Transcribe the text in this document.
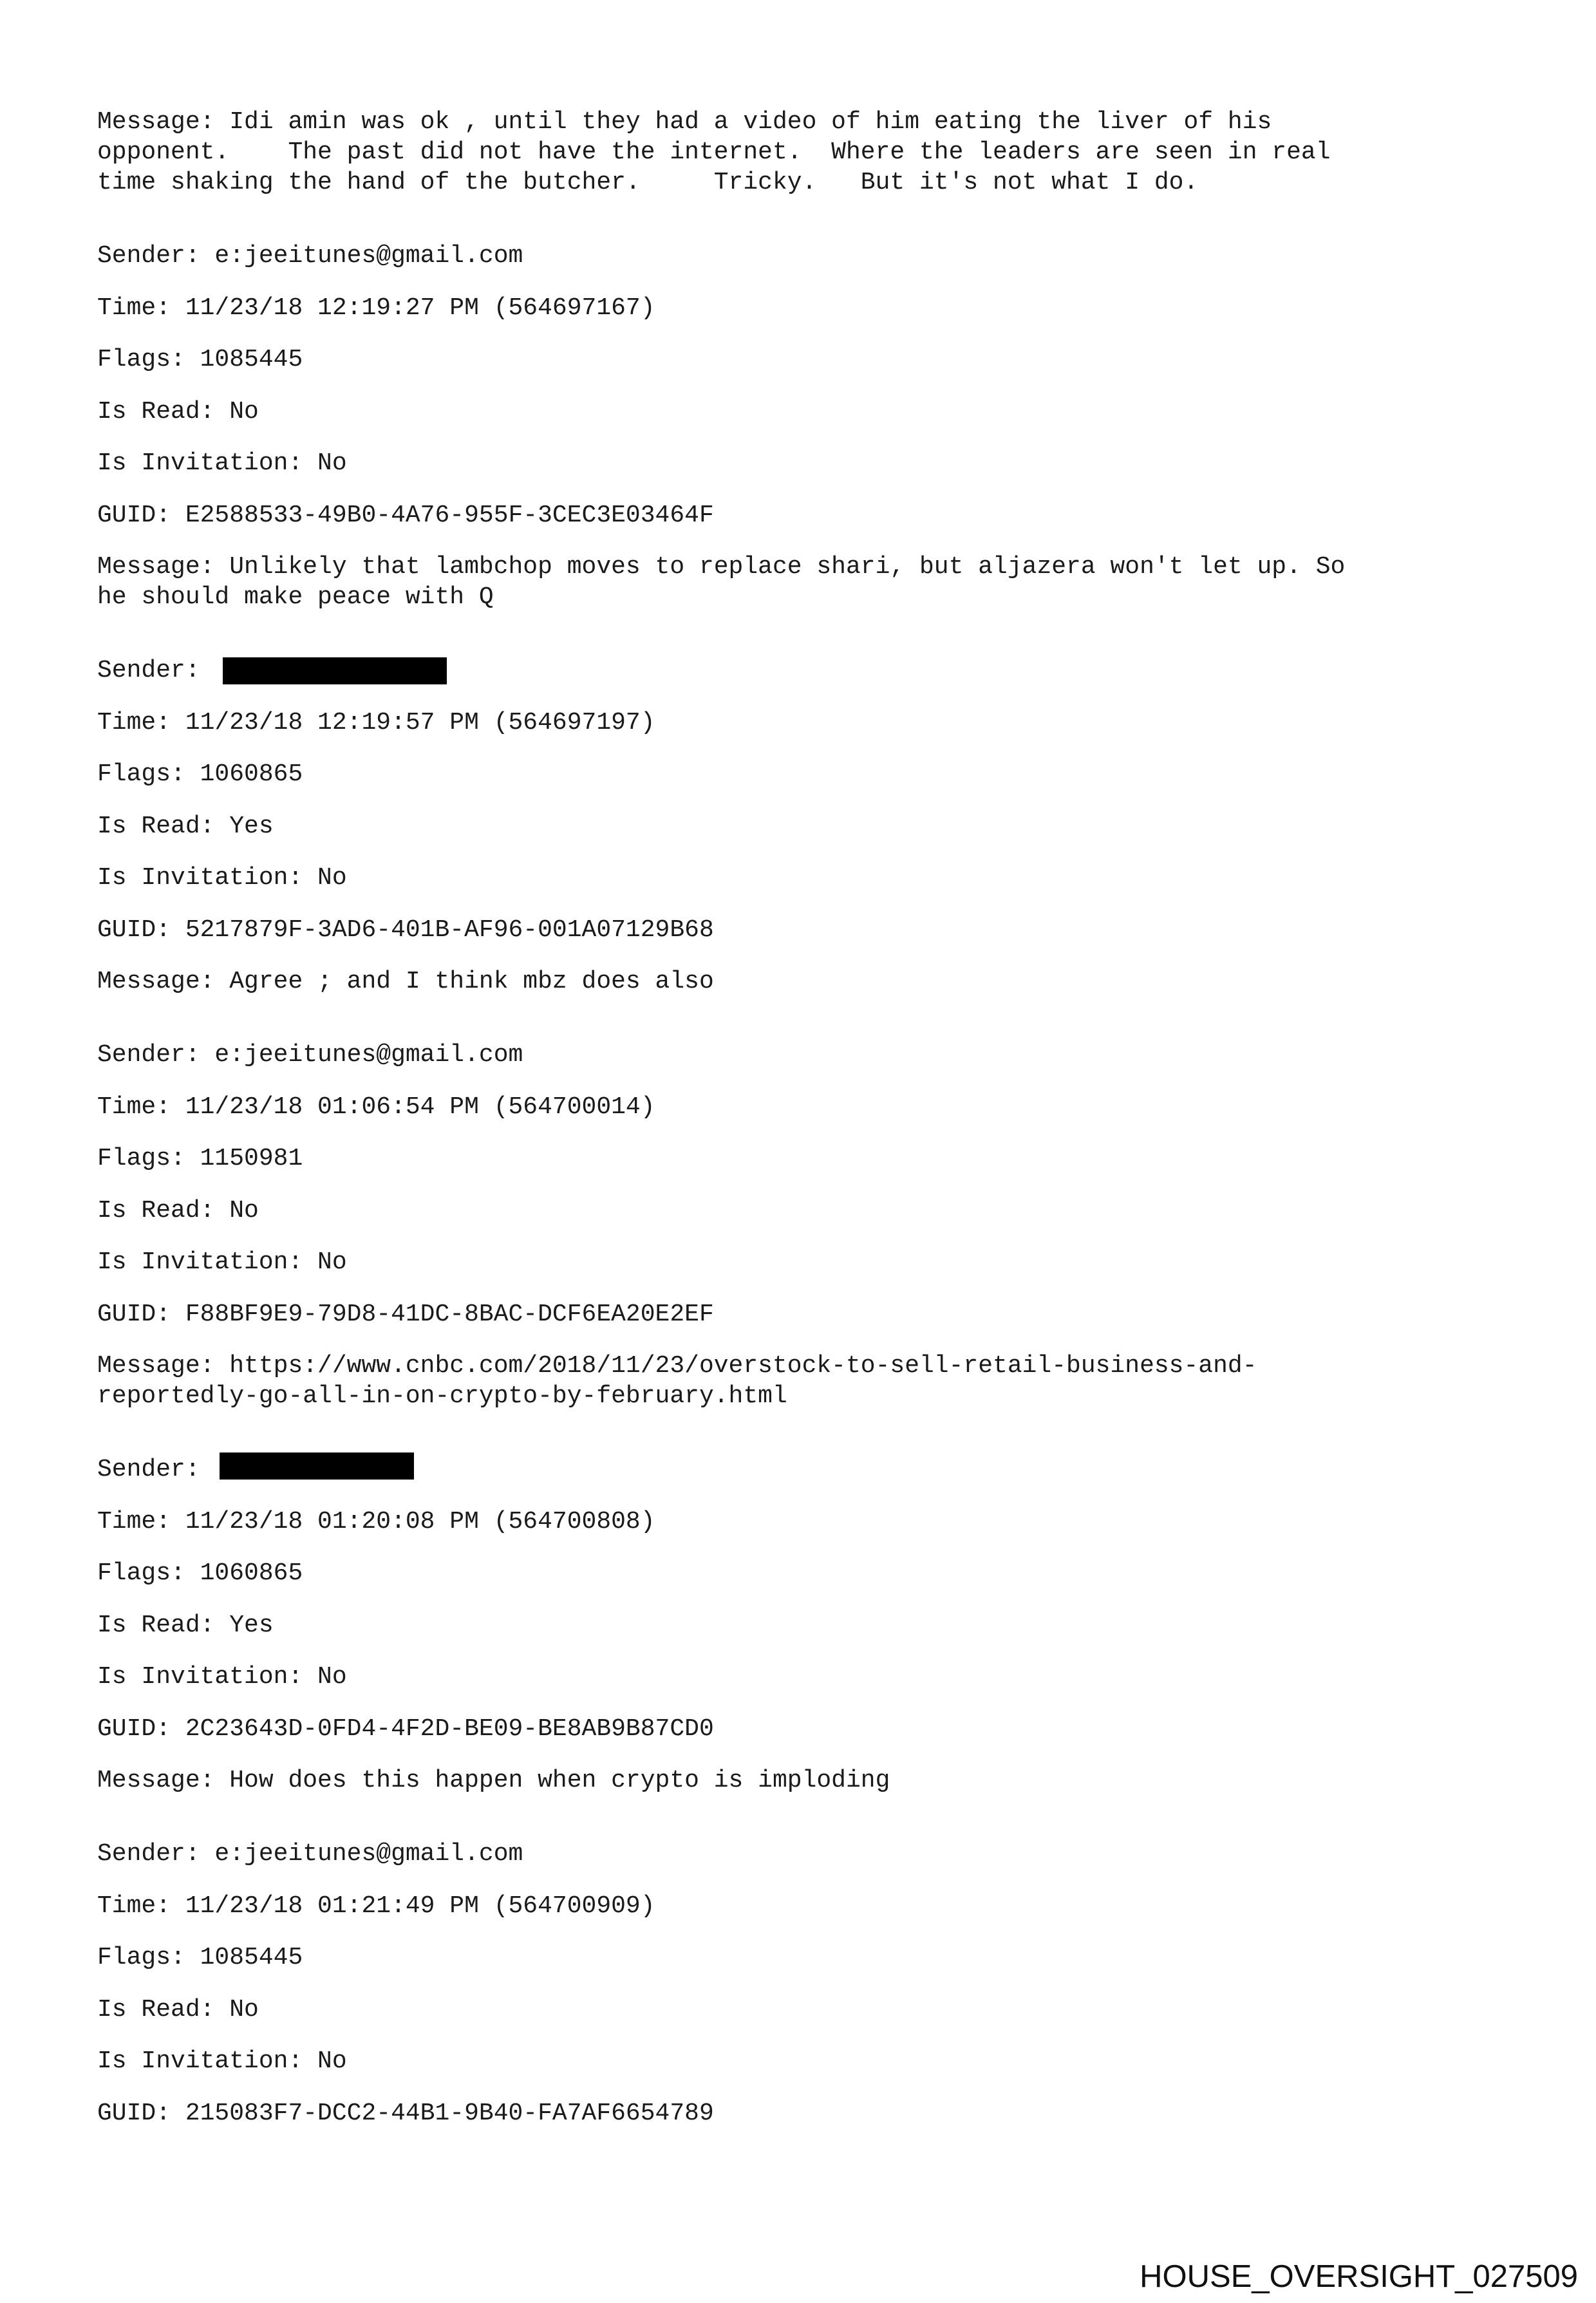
Message: Idi amin was ok , until they had a video of him eating the liver of his

opponent.    The past did not have the internet.  Where the leaders are seen in real

time shaking the hand of the butcher.     Tricky.   But it's not what I do.

Sender: e:jeeitunes@gmail.com

Time: 11/23/18 12:19:27 PM (564697167)

Flags: 1085445

Is Read: No

Is Invitation: No

GUID: E2588533-49B0-4A76-955F-3CEC3E03464F

Message: Unlikely that lambchop moves to replace shari, but aljazera won't let up. So

he should make peace with Q

Sender:

Time: 11/23/18 12:19:57 PM (564697197)

Flags: 1060865

Is Read: Yes

Is Invitation: No

GUID: 5217879F-3AD6-401B-AF96-001A07129B68

Message: Agree ; and I think mbz does also

Sender: e:jeeitunes@gmail.com

Time: 11/23/18 01:06:54 PM (564700014)

Flags: 1150981

Is Read: No

Is Invitation: No

GUID: F88BF9E9-79D8-41DC-8BAC-DCF6EA20E2EF

Message: https://www.cnbc.com/2018/11/23/overstock-to-sell-retail-business-and-

reportedly-go-all-in-on-crypto-by-february.html

Sender:

Time: 11/23/18 01:20:08 PM (564700808)

Flags: 1060865

Is Read: Yes

Is Invitation: No

GUID: 2C23643D-0FD4-4F2D-BE09-BE8AB9B87CD0

Message: How does this happen when crypto is imploding

Sender: e:jeeitunes@gmail.com

Time: 11/23/18 01:21:49 PM (564700909)

Flags: 1085445

Is Read: No

Is Invitation: No

GUID: 215083F7-DCC2-44B1-9B40-FA7AF6654789

HOUSE_OVERSIGHT_027509
